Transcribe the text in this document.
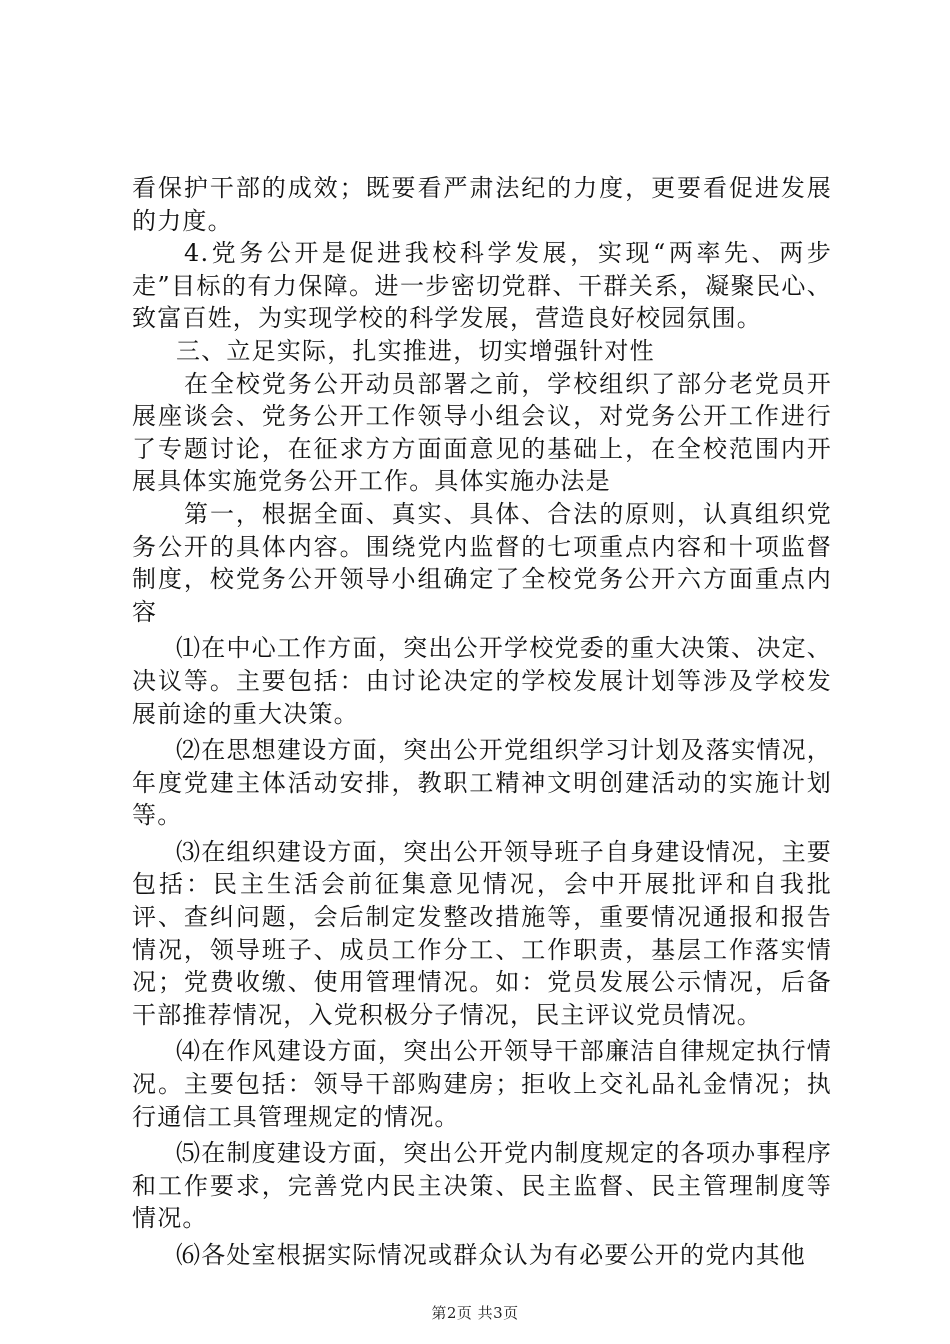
看保护干部的成效；既要看严肃法纪的力度，更要看促进发展的力度。

4.党务公开是促进我校科学发展，实现“两率先、两步走”目标的有力保障。进一步密切党群、干群关系，凝聚民心、致富百姓，为实现学校的科学发展，营造良好校园氛围。

三、立足实际，扎实推进，切实增强针对性

在全校党务公开动员部署之前，学校组织了部分老党员开展座谈会、党务公开工作领导小组会议，对党务公开工作进行了专题讨论，在征求方方面面意见的基础上，在全校范围内开展具体实施党务公开工作。具体实施办法是

第一，根据全面、真实、具体、合法的原则，认真组织党务公开的具体内容。围绕党内监督的七项重点内容和十项监督制度，校党务公开领导小组确定了全校党务公开六方面重点内容

⑴在中心工作方面，突出公开学校党委的重大决策、决定、决议等。主要包括：由讨论决定的学校发展计划等涉及学校发展前途的重大决策。

⑵在思想建设方面，突出公开党组织学习计划及落实情况，年度党建主体活动安排，教职工精神文明创建活动的实施计划等。

⑶在组织建设方面，突出公开领导班子自身建设情况，主要包括：民主生活会前征集意见情况，会中开展批评和自我批评、查纠问题，会后制定发整改措施等，重要情况通报和报告情况，领导班子、成员工作分工、工作职责，基层工作落实情况；党费收缴、使用管理情况。如：党员发展公示情况，后备干部推荐情况，入党积极分子情况，民主评议党员情况。

⑷在作风建设方面，突出公开领导干部廉洁自律规定执行情况。主要包括：领导干部购建房；拒收上交礼品礼金情况；执行通信工具管理规定的情况。

⑸在制度建设方面，突出公开党内制度规定的各项办事程序和工作要求，完善党内民主决策、民主监督、民主管理制度等情况。

⑹各处室根据实际情况或群众认为有必要公开的党内其他

第2页 共3页
